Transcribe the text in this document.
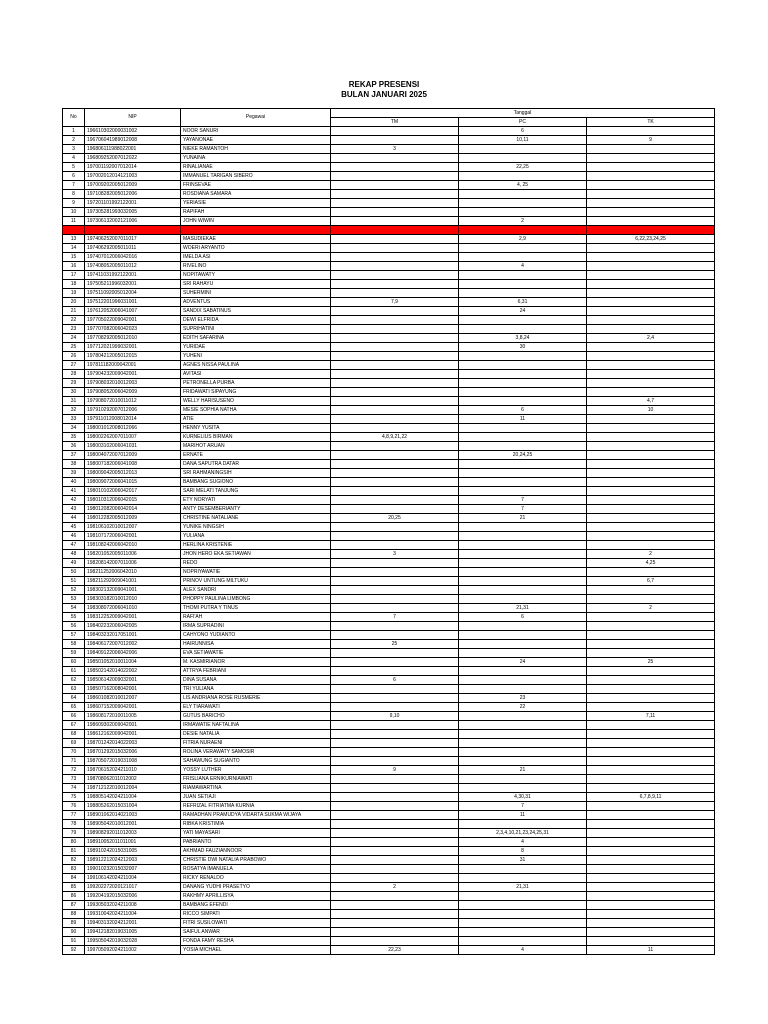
REKAP PRESENSI
BULAN JANUARI 2025
No	NIP	Pegawai	Tanggal		
			TM	PC	TK
1	196610302000031002	NOOR SANURI		6	
2	196706041989012008	YAYANONAE		10,11	9
3	196806111988022001	NIEKE RAMANTOH	3		
4	196809252007012022	YUNAINA			
5	197001192007012014	RINALIANAE		22,25	
6	197002012014121003	IMMANUEL TARIGAN SIBERO			
7	197009202005012009	FRINSEVAE		4, 25	
8	197108282005012006	ROSDIANA SAMARA			
9	197201101992122001	YERIASIE			
10	197305281993032005	RAPIFAH			
11	197306132002121006	JOHN WIWIN		2	
12	197404202007012004	SUSIE			
13	197406252007011017	MASUDIEKAE		2,9	6,22,23,24,25
14	197406292005011011	WOERI ARYANTO			
15	197407012006042016	IMELDA ASI			
16	197408052005011012	RIVELINO		4	
17	197411031992122001	NOPITAWATY			
18	197505211996032001	SRI RAHAYU			
19	197511092005012004	SUHERMINI			
20	197512201996031001	ADVENTUS	7,9	6,31	
21	197612052006041007	SANDIX SABATINUS		24	
22	197705022009042001	DEWI ELFRIDA			
23	197707082006042023	SUPRIHATINI			
24	197708292005012010	EDITH SAFARINA		3,8,24	2,4
25	197712021999032001	YURIDAE		30	
26	197804212005012015	YUHENI			
27	197811182009042001	AGNES NISSA PAULINA			
28	197904232009042001	AVITASI			
29	197908032010012003	PETRONELLA PURBA			
30	197908052006042009	FRIDAWATI SIPAYUNG			
31	197908072010011012	WELLY HARISUSENO			4,7
32	197910292007012006	MESIE SOPHIA NATHA		6	10
33	197911012008012014	ATIE		11	
34	198001012008012066	HENNY YUSITA			
35	198002262007011007	KURNELIUS BIRMAN	4,8,9,21,22		
36	198003102006041031	MARIHOT ARUAN			
37	198004072007012009	ERNATE		20,24,25	
38	198007182006041008	DANA SAPUTRA DATAR			
39	198009042005012013	SRI RAHMANINGSIH			
40	198009072006041015	BAMBANG SUGIONO			
41	198010102006042017	SARI MELATI TANJUNG			
42	198010312006042015	ETY NORYATI		7	
43	198012082006042014	ANTY DESEMBERIANTY		7	
44	198012282005012009	CHRISTINE NATALIANE	20,25	21	
45	198106102010012007	YUNIKE NINGSIH			
46	198107172006042001	YULIANA			
47	198108242006042010	HERLINA KRISTENIE			
48	198201052005011006	JHON HERO EKA SETIAWAN	3		2
49	198208142007011006	REDO			4,25
50	198211252006042010	NOPRIYAWATIE			
51	198211292009041001	PRINOV UNTUNG MILTUKU			6,7
52	198302132009041001	ALEX SANDRI			
53	198303182010012010	PHOPPY PAULINA LIMBONG			
54	198308072006041010	THOMI PUTRA Y TINUS		21,31	2
55	198312252009042001	RAFI'AH	7	6	
56	198402232006042005	IRMA SUPRADINI			
57	198403232017051001	CAHYONO YUDIANTO			
58	198406172007012002	HAIRUNNISA	25		
59	198409122006042006	EVA SETIAWATIE			
60	198501052010011004	M. KASMIRIANOR		24	25
61	198502142014022002	ATTRYA FEBRIANI			
62	198506142009032001	DINA SUSANA	6		
63	198507162008042001	TRI YULIANA			
64	198601082010012007	LIS ANDRIANA ROSE RUSMERIE		23	
65	198607152009042001	ELY TIARAWATI		22	
66	198608172010011005	GUTUS BARICHO	9,10		7,11
67	198609302009042001	IRMAWATIE NAFTALINA			
68	198612162009042001	DESIE NATALIA			
69	198701242014022003	FITRIA NURAENI			
70	198701292015032006	ROLINA VERAWATY SAMOSIR			
71	198705072019031008	SAHAWUNG SUGIANTO			
72	198706152024211010	YOSSY LUTHER	9	21	
73	198708062011012002	FRISLIANA ERNIKURNIAWATI			
74	198712122010012004	RIAMAWARTINA			
75	198805142024211004	JUAN SETIAJI		4,30,31	6,7,8,9,11
76	198805262015031004	REFRIZAL FITRIATMA KURNIA		7	
77	198901062014021003	RAMADHAN PRAMUDYA VIDARTA SUKMA WIJAYA		11	
78	198905042010012001	RIBKA KRISTIMIA			
79	198908292011012003	YATI MAYASARI		2,3,4,10,21,23,24,25,31	
80	198910052011011001	PABRIANTO		4	
81	198910242015031005	AKHMAD FAUZIANNOOR		8	
82	198912212024212003	CHRISTIE DWI NATALIA PRABOWO		31	
83	199010232015032007	ROSATYA IMANUELA			
84	199106142024211004	RICKY RENALDO			
85	199202272020121017	DANANG YUDHI PRASETYO	2	21,31	
86	199204192015032006	RAKHMY APRILLISYA			
87	199305032024211008	BAMBANG EFENDI			
88	199310042024211004	RICCO SIMPATI			
89	199403132024212001	FITRI SUSILOWATI			
90	199412182019031005	SAIFUL ANWAR			
91	199505042019032028	FONDA FAMY RESHA			
92	199705092024211002	YOSIA MICHAEL	22,23	4	11
